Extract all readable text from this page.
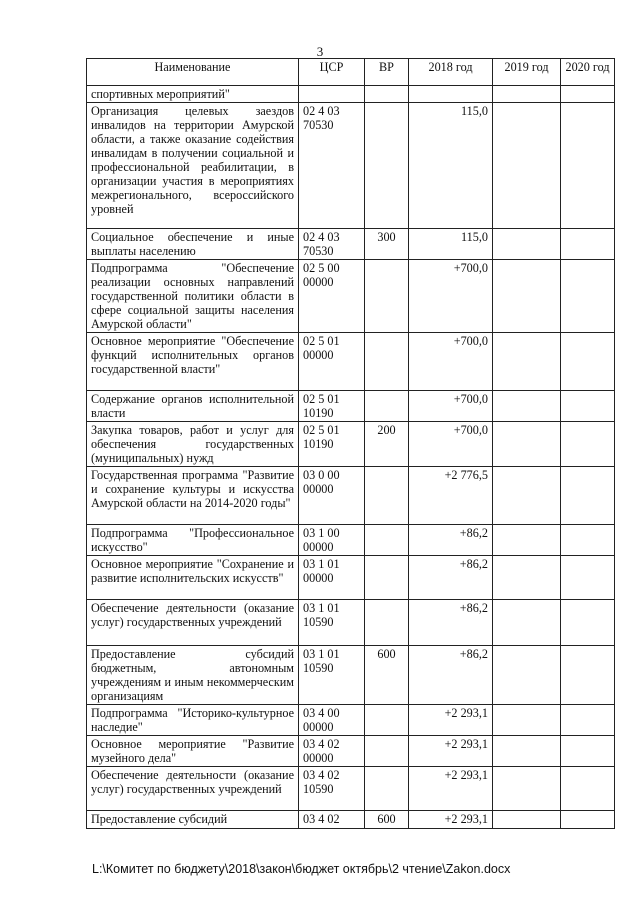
3
Наименование	ЦСР	ВР	2018 год	2019 год	2020 год
спортивных мероприятий"					
Организация целевых заездов инвалидов на территории Амурской области, а также оказание содействия инвалидам в получении социальной и профессиональной реабилитации, в организации участия в мероприятиях межрегионального, всероссийского уровней	02 4 03 70530		115,0		
Социальное обеспечение и иные выплаты населению	02 4 03 70530	300	115,0		
Подпрограмма "Обеспечение реализации основных направлений государственной политики области в сфере социальной защиты населения Амурской области"	02 5 00 00000		+700,0		
Основное мероприятие "Обеспечение функций исполнительных органов государственной власти"	02 5 01 00000		+700,0		
Содержание органов исполнительной власти	02 5 01 10190		+700,0		
Закупка товаров, работ и услуг для обеспечения государственных (муниципальных) нужд	02 5 01 10190	200	+700,0		
Государственная программа "Развитие и сохранение культуры и искусства Амурской области на 2014-2020 годы"	03 0 00 00000		+2 776,5		
Подпрограмма "Профессиональное искусство"	03 1 00 00000		+86,2		
Основное мероприятие "Сохранение и развитие исполнительских искусств"	03 1 01 00000		+86,2		
Обеспечение деятельности (оказание услуг) государственных учреждений	03 1 01 10590		+86,2		
Предоставление субсидий бюджетным, автономным учреждениям и иным некоммерческим организациям	03 1 01 10590	600	+86,2		
Подпрограмма "Историко-культурное наследие"	03 4 00 00000		+2 293,1		
Основное мероприятие "Развитие музейного дела"	03 4 02 00000		+2 293,1		
Обеспечение деятельности (оказание услуг) государственных учреждений	03 4 02 10590		+2 293,1		
Предоставление субсидий	03 4 02	600	+2 293,1		
L:\Комитет по бюджету\2018\закон\бюджет октябрь\2 чтение\Zakon.docx
